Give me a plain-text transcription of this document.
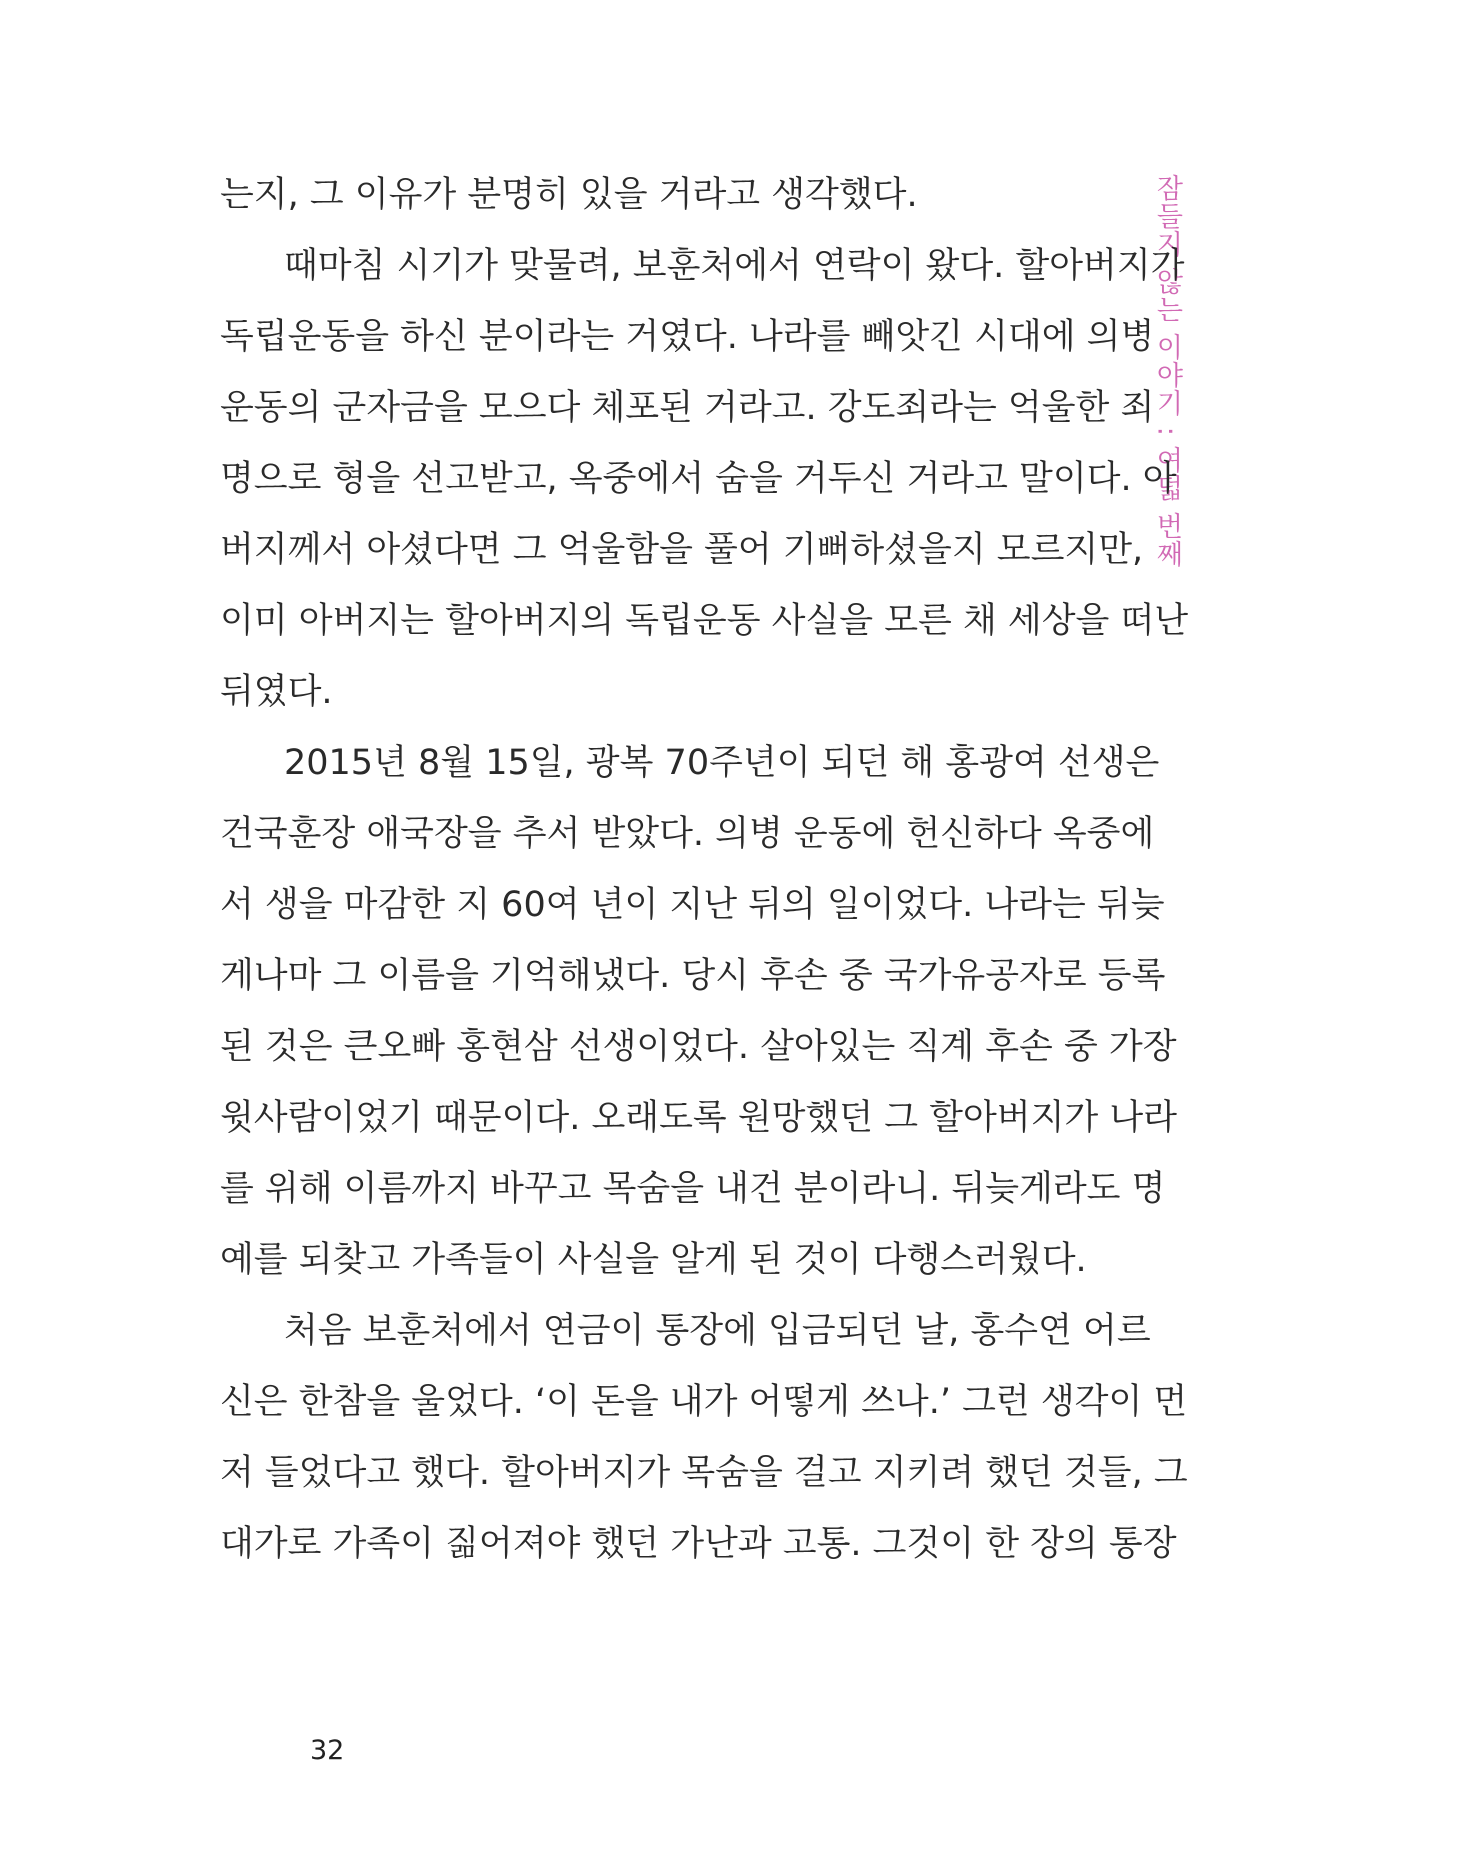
잠들지 않는 이야기 : 여덟 번째
는지, 그 이유가 분명히 있을 거라고 생각했다.
때마침 시기가 맞물려, 보훈처에서 연락이 왔다. 할아버지가
독립운동을 하신 분이라는 거였다. 나라를 빼앗긴 시대에 의병
운동의 군자금을 모으다 체포된 거라고. 강도죄라는 억울한 죄
명으로 형을 선고받고, 옥중에서 숨을 거두신 거라고 말이다. 아
버지께서 아셨다면 그 억울함을 풀어 기뻐하셨을지 모르지만,
이미 아버지는 할아버지의 독립운동 사실을 모른 채 세상을 떠난
뒤였다.
2015년 8월 15일, 광복 70주년이 되던 해 홍광여 선생은
건국훈장 애국장을 추서 받았다. 의병 운동에 헌신하다 옥중에
서 생을 마감한 지 60여 년이 지난 뒤의 일이었다. 나라는 뒤늦
게나마 그 이름을 기억해냈다. 당시 후손 중 국가유공자로 등록
된 것은 큰오빠 홍현삼 선생이었다. 살아있는 직계 후손 중 가장
윗사람이었기 때문이다. 오래도록 원망했던 그 할아버지가 나라
를 위해 이름까지 바꾸고 목숨을 내건 분이라니. 뒤늦게라도 명
예를 되찾고 가족들이 사실을 알게 된 것이 다행스러웠다.
처음 보훈처에서 연금이 통장에 입금되던 날, 홍수연 어르
신은 한참을 울었다. ‘이 돈을 내가 어떻게 쓰나.’ 그런 생각이 먼
저 들었다고 했다. 할아버지가 목숨을 걸고 지키려 했던 것들, 그
대가로 가족이 짊어져야 했던 가난과 고통. 그것이 한 장의 통장
32
